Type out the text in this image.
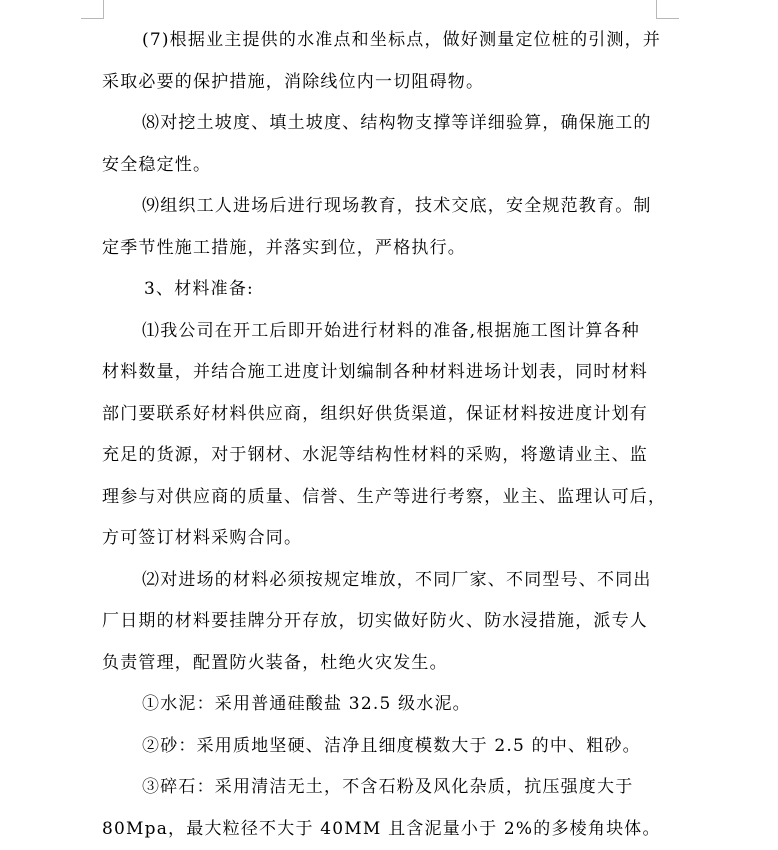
(7)根据业主提供的水准点和坐标点，做好测量定位桩的引测，并
采取必要的保护措施，消除线位内一切阻碍物。
⑻对挖土坡度、填土坡度、结构物支撑等详细验算，确保施工的
安全稳定性。
⑼组织工人进场后进行现场教育，技术交底，安全规范教育。制
定季节性施工措施，并落实到位，严格执行。
3、材料准备:
⑴我公司在开工后即开始进行材料的准备,根据施工图计算各种
材料数量，并结合施工进度计划编制各种材料进场计划表，同时材料
部门要联系好材料供应商，组织好供货渠道，保证材料按进度计划有
充足的货源，对于钢材、水泥等结构性材料的采购，将邀请业主、监
理参与对供应商的质量、信誉、生产等进行考察，业主、监理认可后，
方可签订材料采购合同。
⑵对进场的材料必须按规定堆放，不同厂家、不同型号、不同出
厂日期的材料要挂牌分开存放，切实做好防火、防水浸措施，派专人
负责管理，配置防火装备，杜绝火灾发生。
①水泥：采用普通硅酸盐 32.5 级水泥。
②砂：采用质地坚硬、洁净且细度模数大于 2.5 的中、粗砂。
③碎石：采用清洁无土，不含石粉及风化杂质，抗压强度大于
80Mpa，最大粒径不大于 40MM 且含泥量小于 2%的多棱角块体。
